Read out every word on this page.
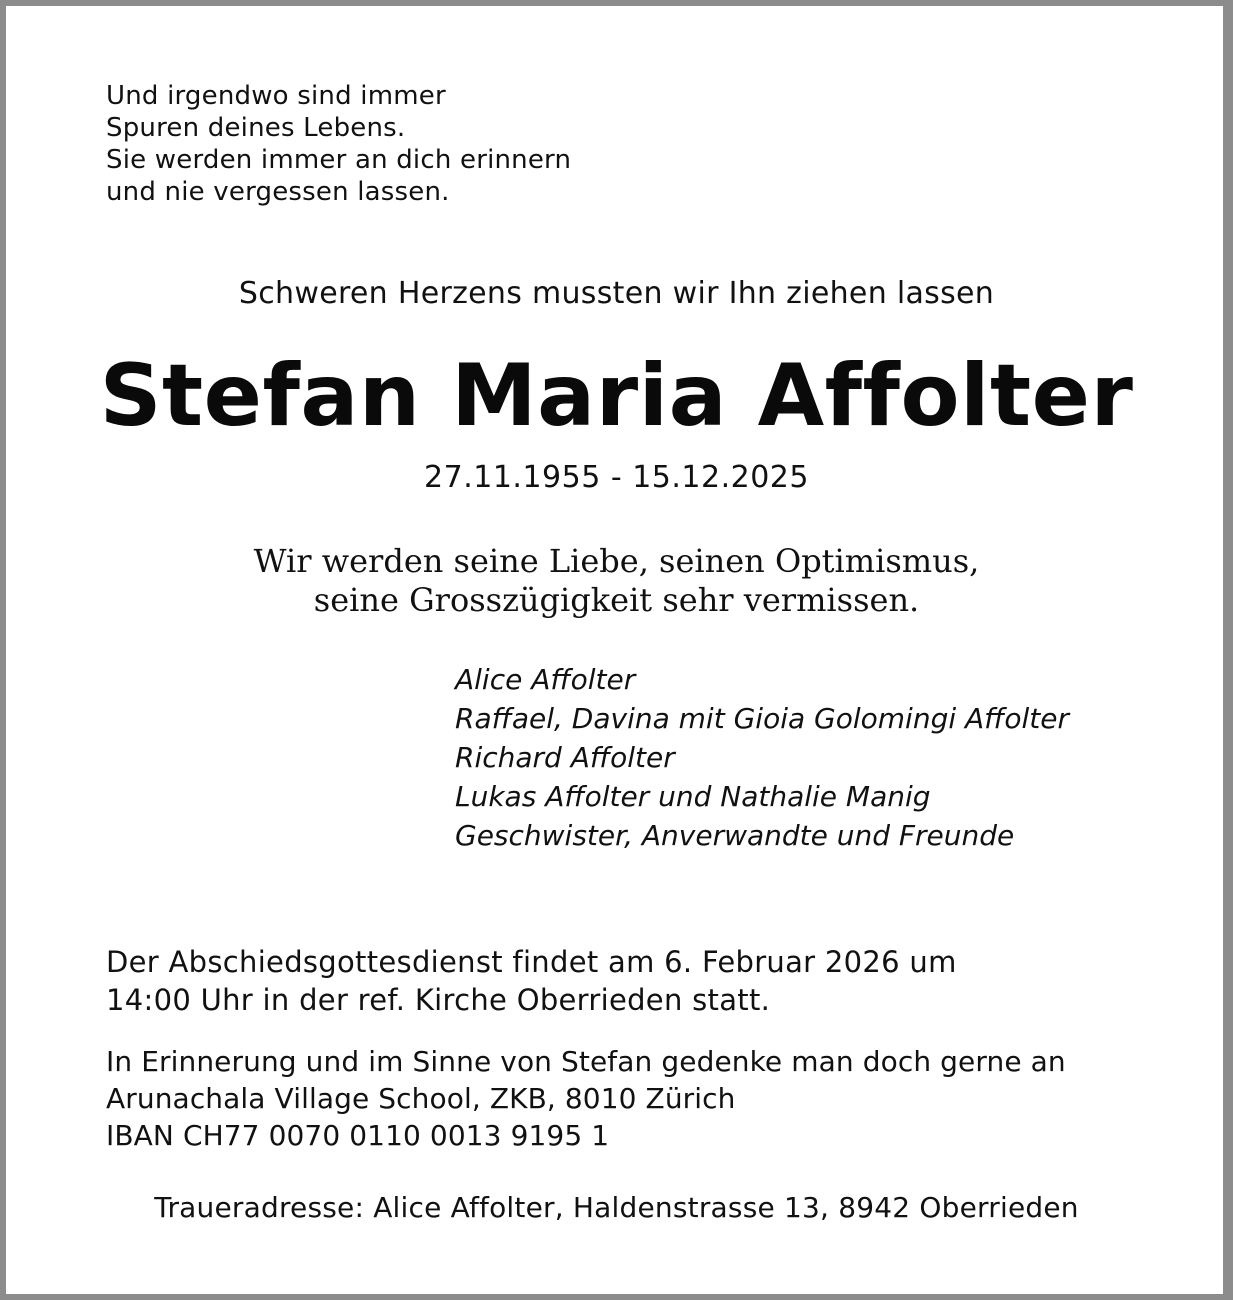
Und irgendwo sind immer
Spuren deines Lebens.
Sie werden immer an dich erinnern
und nie vergessen lassen.
Schweren Herzens mussten wir Ihn ziehen lassen
Stefan Maria Affolter
27.11.1955 - 15.12.2025
Wir werden seine Liebe, seinen Optimismus,
seine Grosszügigkeit sehr vermissen.
Alice Affolter
Raffael, Davina mit Gioia Golomingi Affolter
Richard Affolter
Lukas Affolter und Nathalie Manig
Geschwister, Anverwandte und Freunde
Der Abschiedsgottesdienst findet am 6. Februar 2026 um
14:00 Uhr in der ref. Kirche Oberrieden statt.
In Erinnerung und im Sinne von Stefan gedenke man doch gerne an
Arunachala Village School, ZKB, 8010 Zürich
IBAN CH77 0070 0110 0013 9195 1
Traueradresse: Alice Affolter, Haldenstrasse 13, 8942 Oberrieden
